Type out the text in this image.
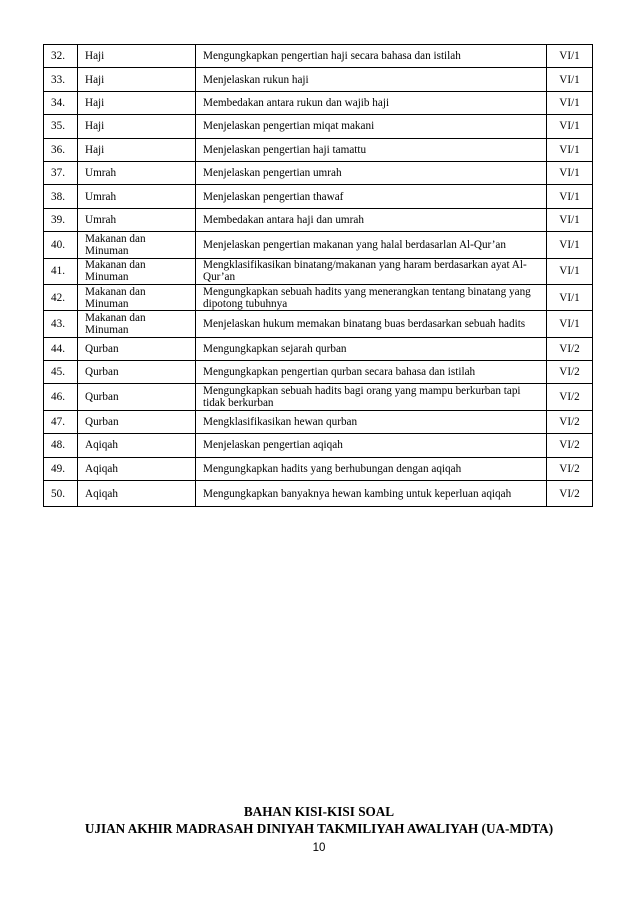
32.	Haji	Mengungkapkan pengertian haji secara bahasa dan istilah	VI/1
33.	Haji	Menjelaskan rukun haji	VI/1
34.	Haji	Membedakan antara rukun dan wajib haji	VI/1
35.	Haji	Menjelaskan pengertian miqat makani	VI/1
36.	Haji	Menjelaskan pengertian haji tamattu	VI/1
37.	Umrah	Menjelaskan pengertian umrah	VI/1
38.	Umrah	Menjelaskan pengertian thawaf	VI/1
39.	Umrah	Membedakan antara haji dan umrah	VI/1
40.	Makanan dan Minuman	Menjelaskan pengertian makanan yang halal berdasarlan Al-Qur’an	VI/1
41.	Makanan dan Minuman	Mengklasifikasikan binatang/makanan yang haram berdasarkan ayat Al-Qur’an	VI/1
42.	Makanan dan Minuman	Mengungkapkan sebuah hadits yang menerangkan tentang binatang yang dipotong tubuhnya	VI/1
43.	Makanan dan Minuman	Menjelaskan hukum memakan binatang buas berdasarkan sebuah hadits	VI/1
44.	Qurban	Mengungkapkan sejarah qurban	VI/2
45.	Qurban	Mengungkapkan pengertian qurban secara bahasa dan istilah	VI/2
46.	Qurban	Mengungkapkan sebuah hadits bagi orang yang mampu berkurban tapi tidak berkurban	VI/2
47.	Qurban	Mengklasifikasikan hewan qurban	VI/2
48.	Aqiqah	Menjelaskan pengertian aqiqah	VI/2
49.	Aqiqah	Mengungkapkan hadits yang berhubungan dengan aqiqah	VI/2
50.	Aqiqah	Mengungkapkan banyaknya hewan kambing untuk keperluan aqiqah	VI/2
BAHAN KISI-KISI SOAL
UJIAN AKHIR MADRASAH DINIYAH TAKMILIYAH AWALIYAH (UA-MDTA)
10
